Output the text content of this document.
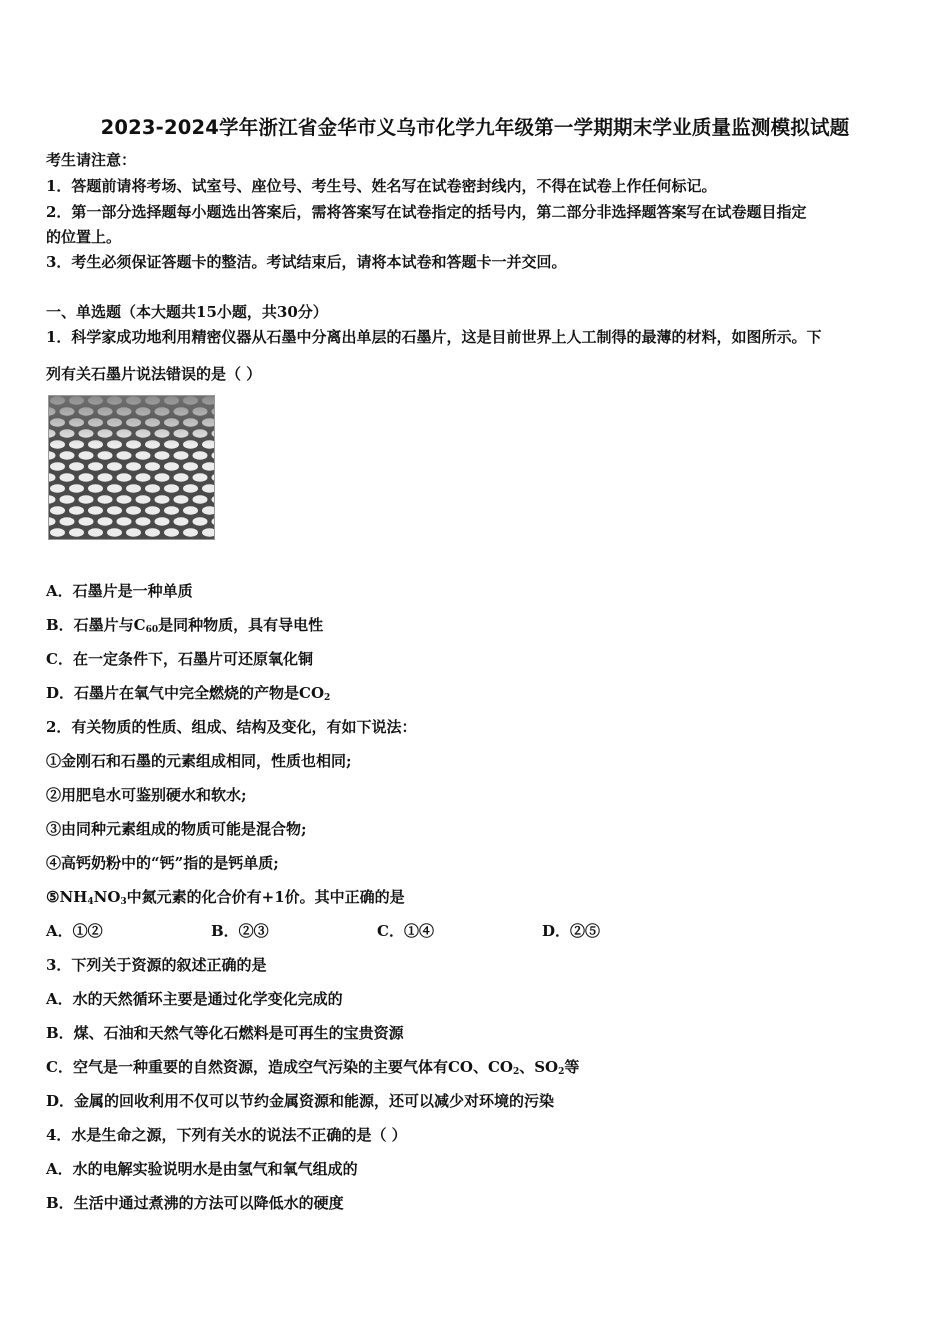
2023-2024学年浙江省金华市义乌市化学九年级第一学期期末学业质量监测模拟试题
考生请注意：
1．答题前请将考场、试室号、座位号、考生号、姓名写在试卷密封线内，不得在试卷上作任何标记。
2．第一部分选择题每小题选出答案后，需将答案写在试卷指定的括号内，第二部分非选择题答案写在试卷题目指定
的位置上。
3．考生必须保证答题卡的整洁。考试结束后，请将本试卷和答题卡一并交回。
一、单选题（本大题共15小题，共30分）
1．科学家成功地利用精密仪器从石墨中分离出单层的石墨片，这是目前世界上人工制得的最薄的材料，如图所示。下
列有关石墨片说法错误的是（ ）
A．石墨片是一种单质
B．石墨片与$C_{60}$是同种物质，具有导电性
C．在一定条件下，石墨片可还原氧化铜
D．石墨片在氧气中完全燃烧的产物是$CO_2$
2．有关物质的性质、组成、结构及变化，有如下说法：
①金刚石和石墨的元素组成相同，性质也相同;
②用肥皂水可鉴别硬水和软水;
③由同种元素组成的物质可能是混合物;
④高钙奶粉中的“钙”指的是钙单质;
$⑤NH_4NO_3$中氮元素的化合价有+1价。其中正确的是
A．①②	B．②③	C．①④	D．②⑤
3．下列关于资源的叙述正确的是
A．水的天然循环主要是通过化学变化完成的
B．煤、石油和天然气等化石燃料是可再生的宝贵资源
C．空气是一种重要的自然资源，造成空气污染的主要气体有CO、$CO_2$、$SO_2$等
D．金属的回收利用不仅可以节约金属资源和能源，还可以减少对环境的污染
4．水是生命之源，下列有关水的说法不正确的是（ ）
A．水的电解实验说明水是由氢气和氧气组成的
B．生活中通过煮沸的方法可以降低水的硬度
